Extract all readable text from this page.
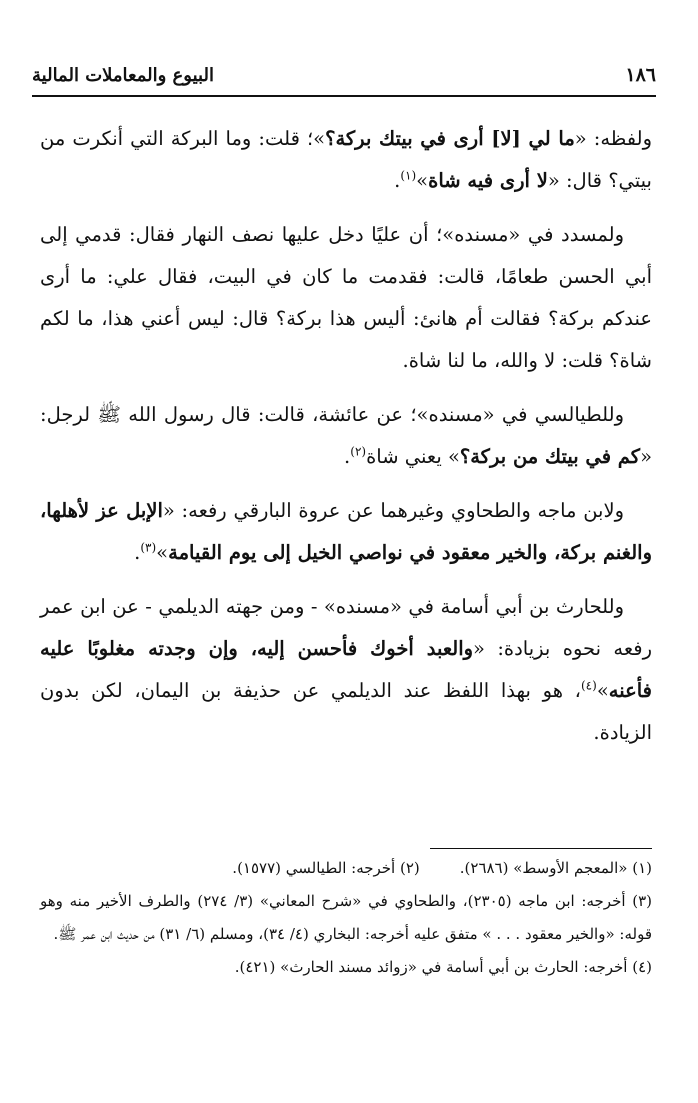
١٨٦
البيوع والمعاملات المالية

ولفظه: «ما لي [لا] أرى في بيتك بركة؟»؛ قلت: وما البركة التي أنكرت من بيتي؟ قال: «لا أرى فيه شاة»$^{(١)}$.

ولمسدد في «مسنده»؛ أن عليًا دخل عليها نصف النهار فقال: قدمي إلى أبي الحسن طعامًا، قالت: فقدمت ما كان في البيت، فقال علي: ما أرى عندكم بركة؟ فقالت أم هانئ: أليس هذا بركة؟ قال: ليس أعني هذا، ما لكم شاة؟ قلت: لا والله، ما لنا شاة.

وللطيالسي في «مسنده»؛ عن عائشة، قالت: قال رسول الله ﷺ لرجل: «كم في بيتك من بركة؟» يعني شاة$^{(٢)}$.

ولابن ماجه والطحاوي وغيرهما عن عروة البارقي رفعه: «الإبل عز لأهلها، والغنم بركة، والخير معقود في نواصي الخيل إلى يوم القيامة»$^{(٣)}$.

وللحارث بن أبي أسامة في «مسنده» - ومن جهته الديلمي - عن ابن عمر رفعه نحوه بزيادة: «والعبد أخوك فأحسن إليه، وإن وجدته مغلوبًا عليه فأعنه»$^{(٤)}$، هو بهذا اللفظ عند الديلمي عن حذيفة بن اليمان، لكن بدون الزيادة.

(١) «المعجم الأوسط» (٢٦٨٦).

(٢) أخرجه: الطيالسي (١٥٧٧).

(٣) أخرجه: ابن ماجه (٢٣٠٥)، والطحاوي في «شرح المعاني» (٣/ ٢٧٤) والطرف الأخير منه وهو قوله: «والخير معقود . . . » متفق عليه أخرجه: البخاري (٤/ ٣٤)، ومسلم (٦/ ٣١) من حديث ابن عمر ﷺ.

(٤) أخرجه: الحارث بن أبي أسامة في «زوائد مسند الحارث» (٤٢١).
